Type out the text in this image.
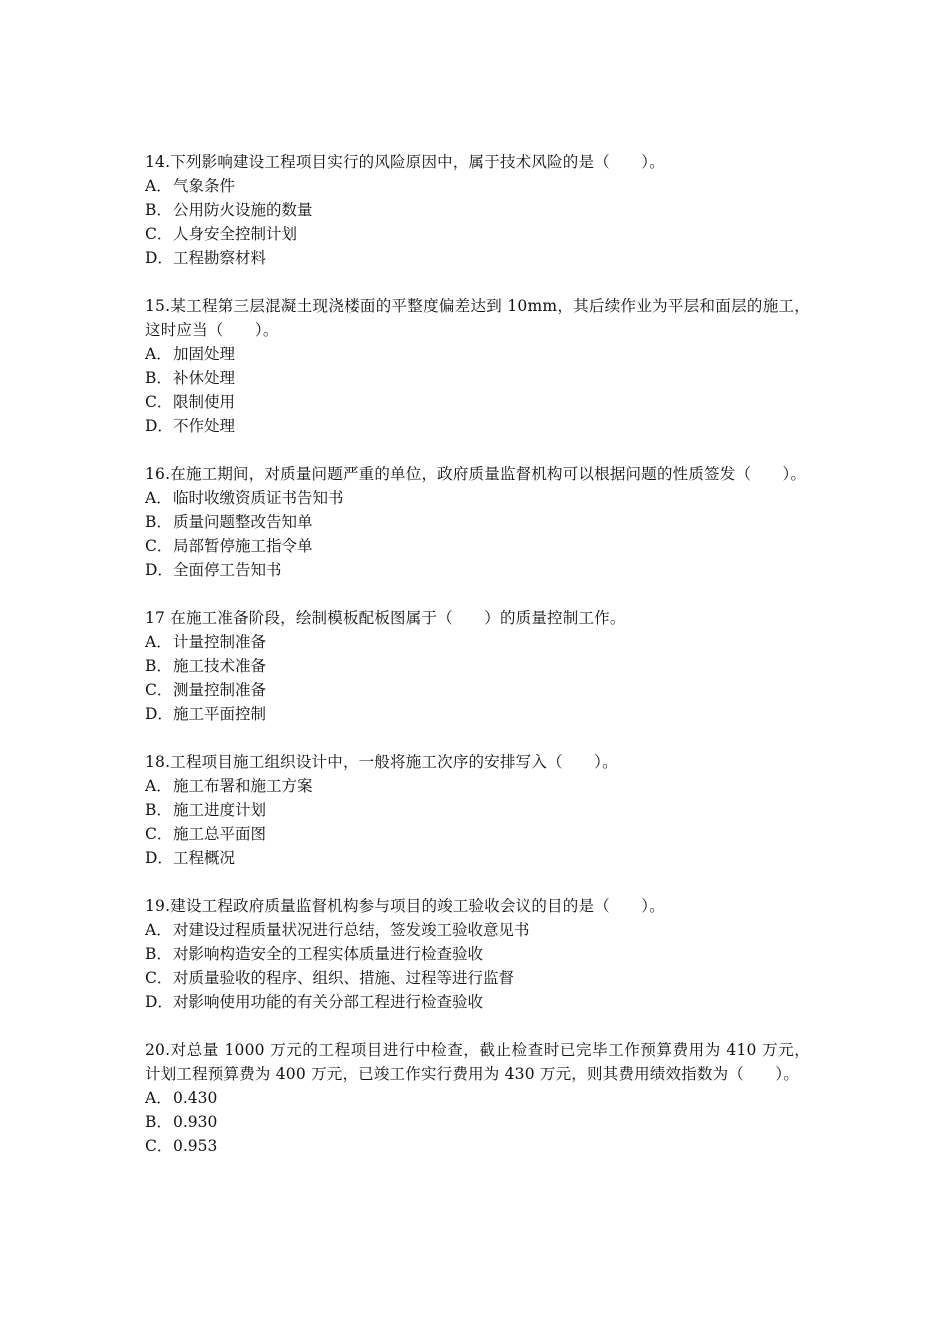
14.下列影响建设工程项目实行的风险原因中，属于技术风险的是（　　）。

A． 气象条件
B． 公用防火设施的数量
C． 人身安全控制计划
D． 工程勘察材料

15.某工程第三层混凝土现浇楼面的平整度偏差达到 10mm，其后续作业为平层和面层的施工，这时应当（　　）。

A． 加固处理
B． 补休处理
C． 限制使用
D． 不作处理

16.在施工期间，对质量问题严重的单位，政府质量监督机构可以根据问题的性质签发（　　）。

A． 临时收缴资质证书告知书
B． 质量问题整改告知单
C． 局部暂停施工指令单
D． 全面停工告知书

17 在施工准备阶段，绘制模板配板图属于（　　）的质量控制工作。

A． 计量控制准备
B． 施工技术准备
C． 测量控制准备
D． 施工平面控制

18.工程项目施工组织设计中，一般将施工次序的安排写入（　　）。

A． 施工布署和施工方案
B． 施工进度计划
C． 施工总平面图
D． 工程概况

19.建设工程政府质量监督机构参与项目的竣工验收会议的目的是（　　）。

A． 对建设过程质量状况进行总结，签发竣工验收意见书
B． 对影响构造安全的工程实体质量进行检查验收
C． 对质量验收的程序、组织、措施、过程等进行监督
D． 对影响使用功能的有关分部工程进行检查验收

20.对总量 1000 万元的工程项目进行中检查，截止检查时已完毕工作预算费用为 410 万元，计划工程预算费为 400 万元，已竣工作实行费用为 430 万元，则其费用绩效指数为（　　）。

A． 0.430
B． 0.930
C． 0.953
